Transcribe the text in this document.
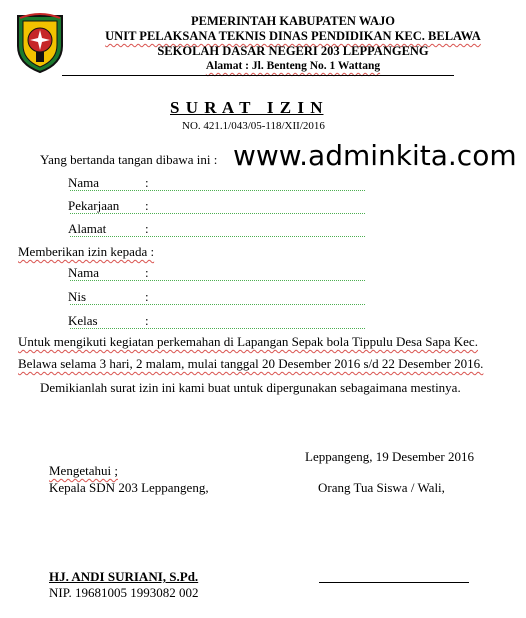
PEMERINTAH KABUPATEN WAJO
UNIT PELAKSANA TEKNIS DINAS PENDIDIKAN KEC. BELAWA
SEKOLAH DASAR NEGERI 203 LEPPANGENG
Alamat : Jl. Benteng No. 1 Wattang
S U R A T   I Z I N
NO. 421.1/043/05-118/XII/2016
Yang bertanda tangan dibawa ini : www.adminkita.com
Nama	:
Pekarjaan :
Alamat	:
Memberikan izin kepada :
Nama	:
Nis	:
Kelas	:
Untuk mengikuti kegiatan perkemahan di Lapangan Sepak bola Tippulu Desa Sapa Kec.
Belawa selama 3 hari, 2 malam, mulai tanggal 20 Desember 2016 s/d 22 Desember 2016.
Demikianlah surat izin ini kami buat untuk dipergunakan sebagaimana mestinya.
Leppangeng, 19 Desember 2016
Mengetahui ;
Kepala SDN 203 Leppangeng,
HJ. ANDI SURIANI, S.Pd.
NIP. 19681005 1993082 002
Orang Tua Siswa / Wali,
